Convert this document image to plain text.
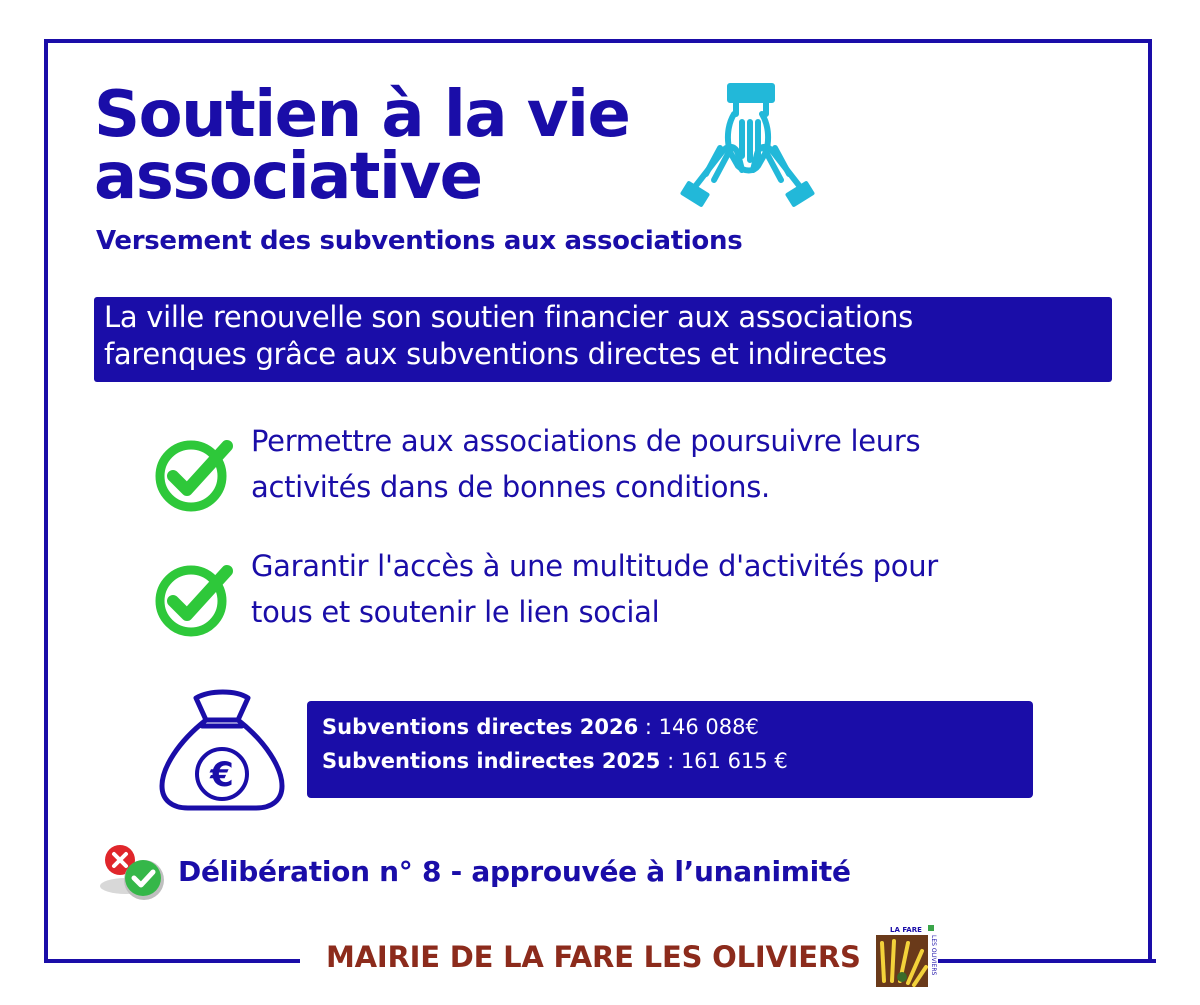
Soutien à la vie
associative

Versement des subventions aux associations

La ville renouvelle son soutien financier aux associations
farenques grâce aux subventions directes et indirectes

Permettre aux associations de poursuivre leurs
activités dans de bonnes conditions.

Garantir l'accès à une multitude d'activités pour
tous et soutenir le lien social

€
Subventions directes 2026 : 146 088€
Subventions indirectes 2025 : 161 615 €

Délibération n° 8 - approuvée à l’unanimité

MAIRIE DE LA FARE LES OLIVIERS

LA FARE
LES OLIVIERS
